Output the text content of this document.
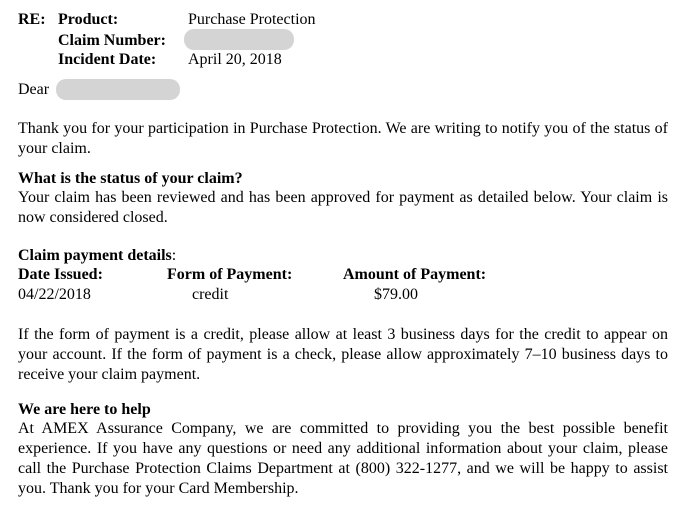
RE: Product:	Purchase Protection
Claim Number:
Incident Date: April 20, 2018
Dear
Thank you for your participation in Purchase Protection. We are writing to notify you of the status of your claim.
What is the status of your claim?
Your claim has been reviewed and has been approved for payment as detailed below. Your claim is now considered closed.
Claim payment details:
Date Issued:	Form of Payment:	Amount of Payment:
04/22/2018	credit	$79.00
If the form of payment is a credit, please allow at least 3 business days for the credit to appear on your account. If the form of payment is a check, please allow approximately 7–10 business days to receive your claim payment.
We are here to help
At AMEX Assurance Company, we are committed to providing you the best possible benefit experience. If you have any questions or need any additional information about your claim, please call the Purchase Protection Claims Department at (800) 322-1277, and we will be happy to assist you. Thank you for your Card Membership.
